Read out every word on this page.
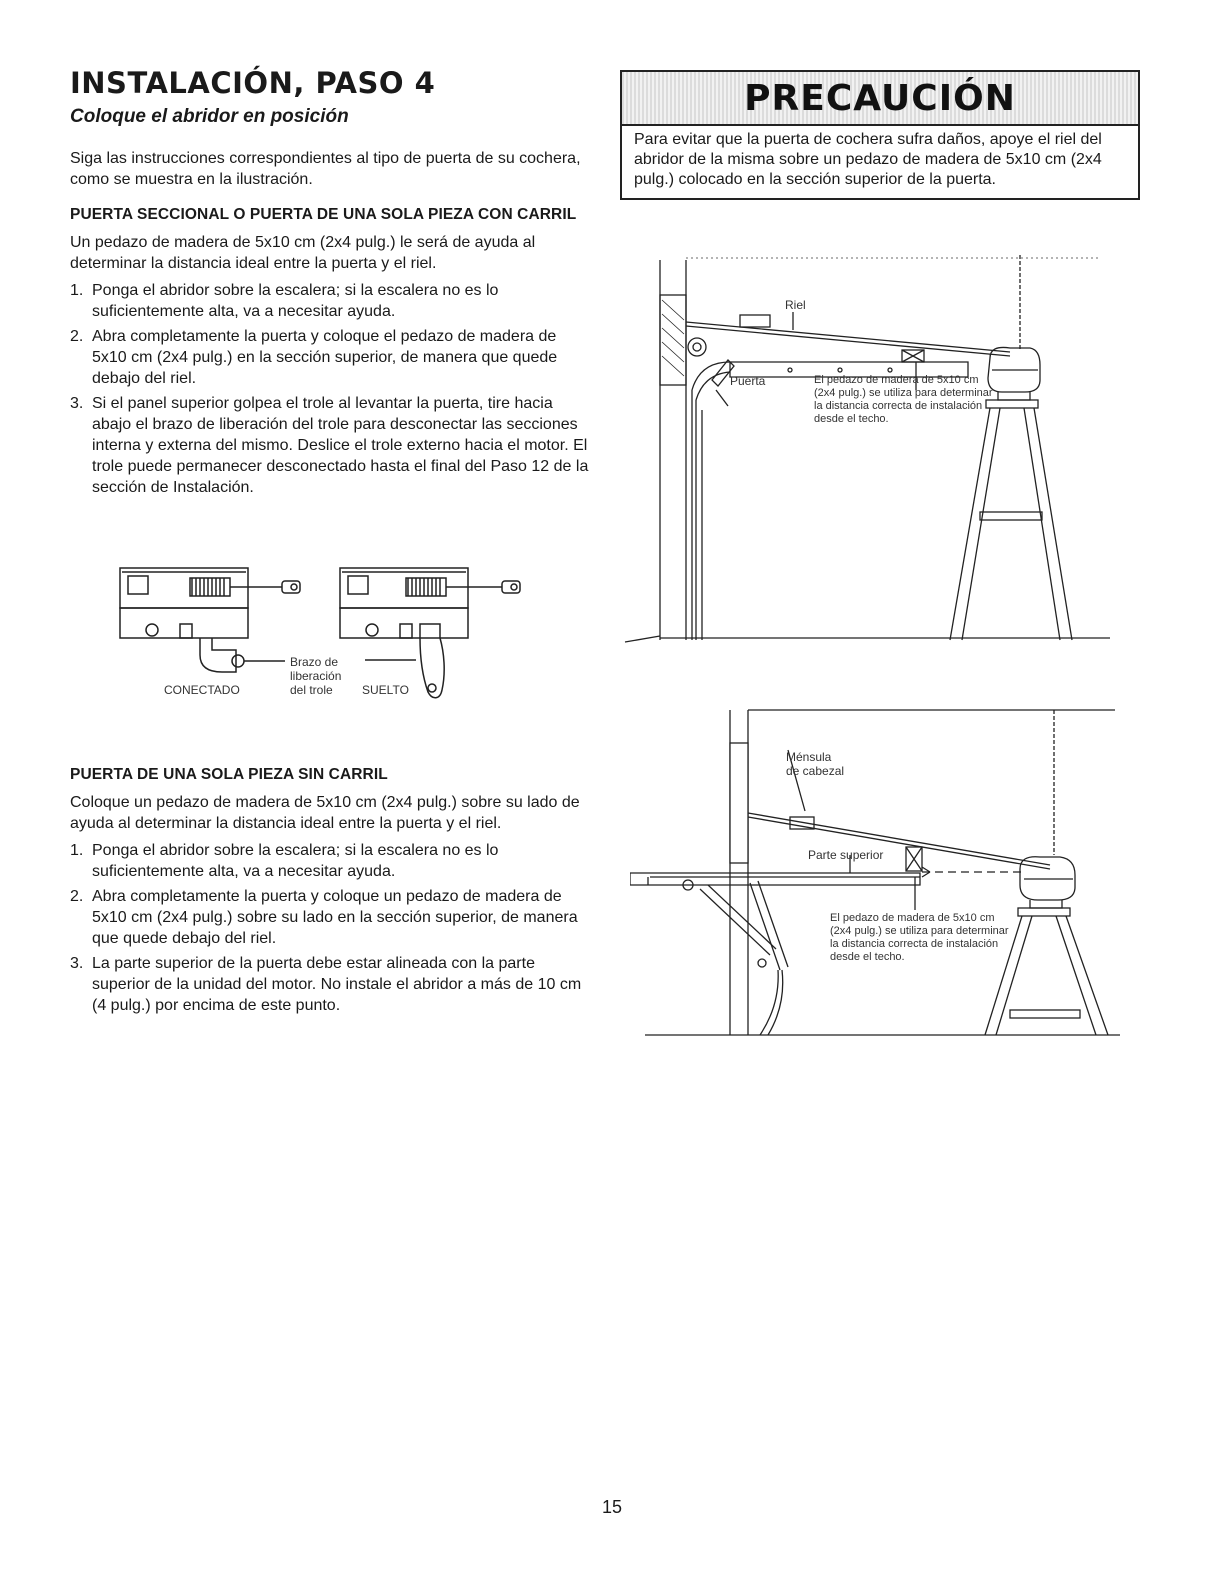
INSTALACIÓN, PASO 4
Coloque el abridor en posición
Siga las instrucciones correspondientes al tipo de puerta de su cochera, como se muestra en la ilustración.
PUERTA SECCIONAL O PUERTA DE UNA SOLA PIEZA CON CARRIL
Un pedazo de madera de 5x10 cm (2x4 pulg.) le será de ayuda al determinar la distancia ideal entre la puerta y el riel.
1. Ponga el abridor sobre la escalera; si la escalera no es lo suficientemente alta, va a necesitar ayuda.
2. Abra completamente la puerta y coloque el pedazo de madera de 5x10 cm (2x4 pulg.) en la sección superior, de manera que quede debajo del riel.
3. Si el panel superior golpea el trole al levantar la puerta, tire hacia abajo el brazo de liberación del trole para desconectar las secciones interna y externa del mismo. Deslice el trole externo hacia el motor. El trole puede permanecer desconectado hasta el final del Paso 12 de la sección de Instalación.
CONECTADO
Brazo de
liberación
del trole SUELTO
PRECAUCIÓN
Para evitar que la puerta de cochera sufra daños, apoye el riel del abridor de la misma sobre un pedazo de madera de 5x10 cm (2x4 pulg.) colocado en la sección superior de la puerta.
Riel
Puerta	El pedazo de madera de 5x10 cm (2x4 pulg.) se utiliza para determinar la distancia correcta de instalación desde el techo.
PUERTA DE UNA SOLA PIEZA SIN CARRIL
Coloque un pedazo de madera de 5x10 cm (2x4 pulg.) sobre su lado de ayuda al determinar la distancia ideal entre la puerta y el riel.
1. Ponga el abridor sobre la escalera; si la escalera no es lo suficientemente alta, va a necesitar ayuda.
2. Abra completamente la puerta y coloque un pedazo de madera de 5x10 cm (2x4 pulg.) sobre su lado en la sección superior, de manera que quede debajo del riel.
3. La parte superior de la puerta debe estar alineada con la parte superior de la unidad del motor. No instale el abridor a más de 10 cm (4 pulg.) por encima de este punto.
Ménsula
de cabezal
Parte superior
El pedazo de madera de 5x10 cm (2x4 pulg.) se utiliza para determinar la distancia correcta de instalación desde el techo.
15
